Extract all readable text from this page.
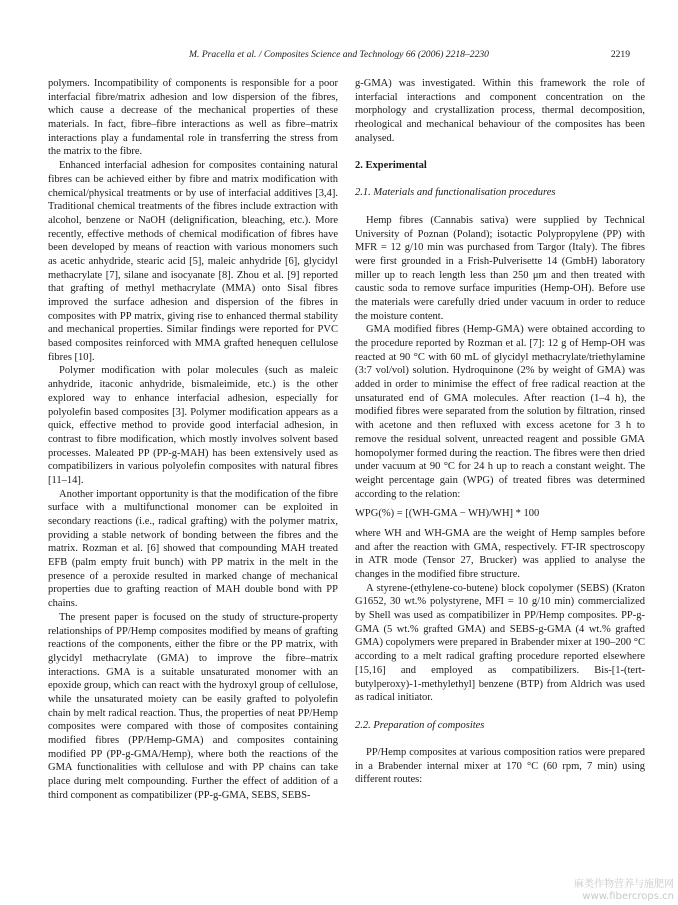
M. Pracella et al. / Composites Science and Technology 66 (2006) 2218–2230	2219

polymers. Incompatibility of components is responsible for a poor interfacial fibre/matrix adhesion and low dispersion of the fibres, which cause a decrease of the mechanical properties of these materials. In fact, fibre–fibre interactions as well as fibre–matrix interactions play a fundamental role in transferring the stress from the matrix to the fibre.

Enhanced interfacial adhesion for composites containing natural fibres can be achieved either by fibre and matrix modification with chemical/physical treatments or by use of interfacial additives [3,4]. Traditional chemical treatments of the fibres include extraction with alcohol, benzene or NaOH (delignification, bleaching, etc.). More recently, effective methods of chemical modification of fibres have been developed by means of reaction with various monomers such as acetic anhydride, stearic acid [5], maleic anhydride [6], glycidyl methacrylate [7], silane and isocyanate [8]. Zhou et al. [9] reported that grafting of methyl methacrylate (MMA) onto Sisal fibres improved the surface adhesion and dispersion of the fibres in composites with PP matrix, giving rise to enhanced thermal stability and mechanical properties. Similar findings were reported for PVC based composites reinforced with MMA grafted henequen cellulose fibres [10].

Polymer modification with polar molecules (such as maleic anhydride, itaconic anhydride, bismaleimide, etc.) is the other explored way to enhance interfacial adhesion, especially for polyolefin based composites [3]. Polymer modification appears as a quick, effective method to provide good interfacial adhesion, in contrast to fibre modification, which mostly involves solvent based processes. Maleated PP (PP-g-MAH) has been extensively used as compatibilizers in various polyolefin composites with natural fibres [11–14].

Another important opportunity is that the modification of the fibre surface with a multifunctional monomer can be exploited in secondary reactions (i.e., radical grafting) with the polymer matrix, providing a stable network of bonding between the fibres and the matrix. Rozman et al. [6] showed that compounding MAH treated EFB (palm empty fruit bunch) with PP matrix in the melt in the presence of a peroxide resulted in marked change of mechanical properties due to grafting reaction of MAH double bond with PP chains.

The present paper is focused on the study of structure-property relationships of PP/Hemp composites modified by means of grafting reactions of the components, either the fibre or the PP matrix, with glycidyl methacrylate (GMA) to improve the fibre–matrix interactions. GMA is a suitable unsaturated monomer with an epoxide group, which can react with the hydroxyl group of cellulose, while the unsaturated moiety can be easily grafted to polyolefin chain by melt radical reaction. Thus, the properties of neat PP/Hemp composites were compared with those of composites containing modified fibres (PP/Hemp-GMA) and composites containing modified PP (PP-g-GMA/Hemp), where both the reactions of the GMA functionalities with cellulose and with PP chains can take place during melt compounding. Further the effect of addition of a third component as compatibilizer (PP-g-GMA, SEBS, SEBS-

g-GMA) was investigated. Within this framework the role of interfacial interactions and component concentration on the morphology and crystallization process, thermal decomposition, rheological and mechanical behaviour of the composites has been analysed.

2. Experimental

2.1. Materials and functionalisation procedures

Hemp fibres (Cannabis sativa) were supplied by Technical University of Poznan (Poland); isotactic Polypropylene (PP) with MFR = 12 g/10 min was purchased from Targor (Italy). The fibres were first grounded in a Frish-Pulverisette 14 (GmbH) laboratory miller up to reach length less than 250 μm and then treated with caustic soda to remove surface impurities (Hemp-OH). Before use the materials were carefully dried under vacuum in order to reduce the moisture content.

GMA modified fibres (Hemp-GMA) were obtained according to the procedure reported by Rozman et al. [7]: 12 g of Hemp-OH was reacted at 90 °C with 60 mL of glycidyl methacrylate/triethylamine (3:7 vol/vol) solution. Hydroquinone (2% by weight of GMA) was added in order to minimise the effect of free radical reaction at the unsaturated end of GMA molecules. After reaction (1–4 h), the modified fibres were separated from the solution by filtration, rinsed with acetone and then refluxed with excess acetone for 3 h to remove the residual solvent, unreacted reagent and possible GMA homopolymer formed during the reaction. The fibres were then dried under vacuum at 90 °C for 24 h up to reach a constant weight. The weight percentage gain (WPG) of treated fibres was determined according to the relation:

WPG(%) = [(WH-GMA − WH)/WH] * 100

where WH and WH-GMA are the weight of Hemp samples before and after the reaction with GMA, respectively. FT-IR spectroscopy in ATR mode (Tensor 27, Brucker) was applied to analyse the changes in the modified fibre structure.

A styrene-(ethylene-co-butene) block copolymer (SEBS) (Kraton G1652, 30 wt.% polystyrene, MFI = 10 g/10 min) commercialized by Shell was used as compatibilizer in PP/Hemp composites. PP-g-GMA (5 wt.% grafted GMA) and SEBS-g-GMA (4 wt.% grafted GMA) copolymers were prepared in Brabender mixer at 190–200 °C according to a melt radical grafting procedure reported elsewhere [15,16] and employed as compatibilizers. Bis-[1-(tert-butylperoxy)-1-methylethyl] benzene (BTP) from Aldrich was used as radical initiator.

2.2. Preparation of composites

PP/Hemp composites at various composition ratios were prepared in a Brabender internal mixer at 170 °C (60 rpm, 7 min) using different routes:

麻类作物营养与施肥网
www.fibercrops.cn
